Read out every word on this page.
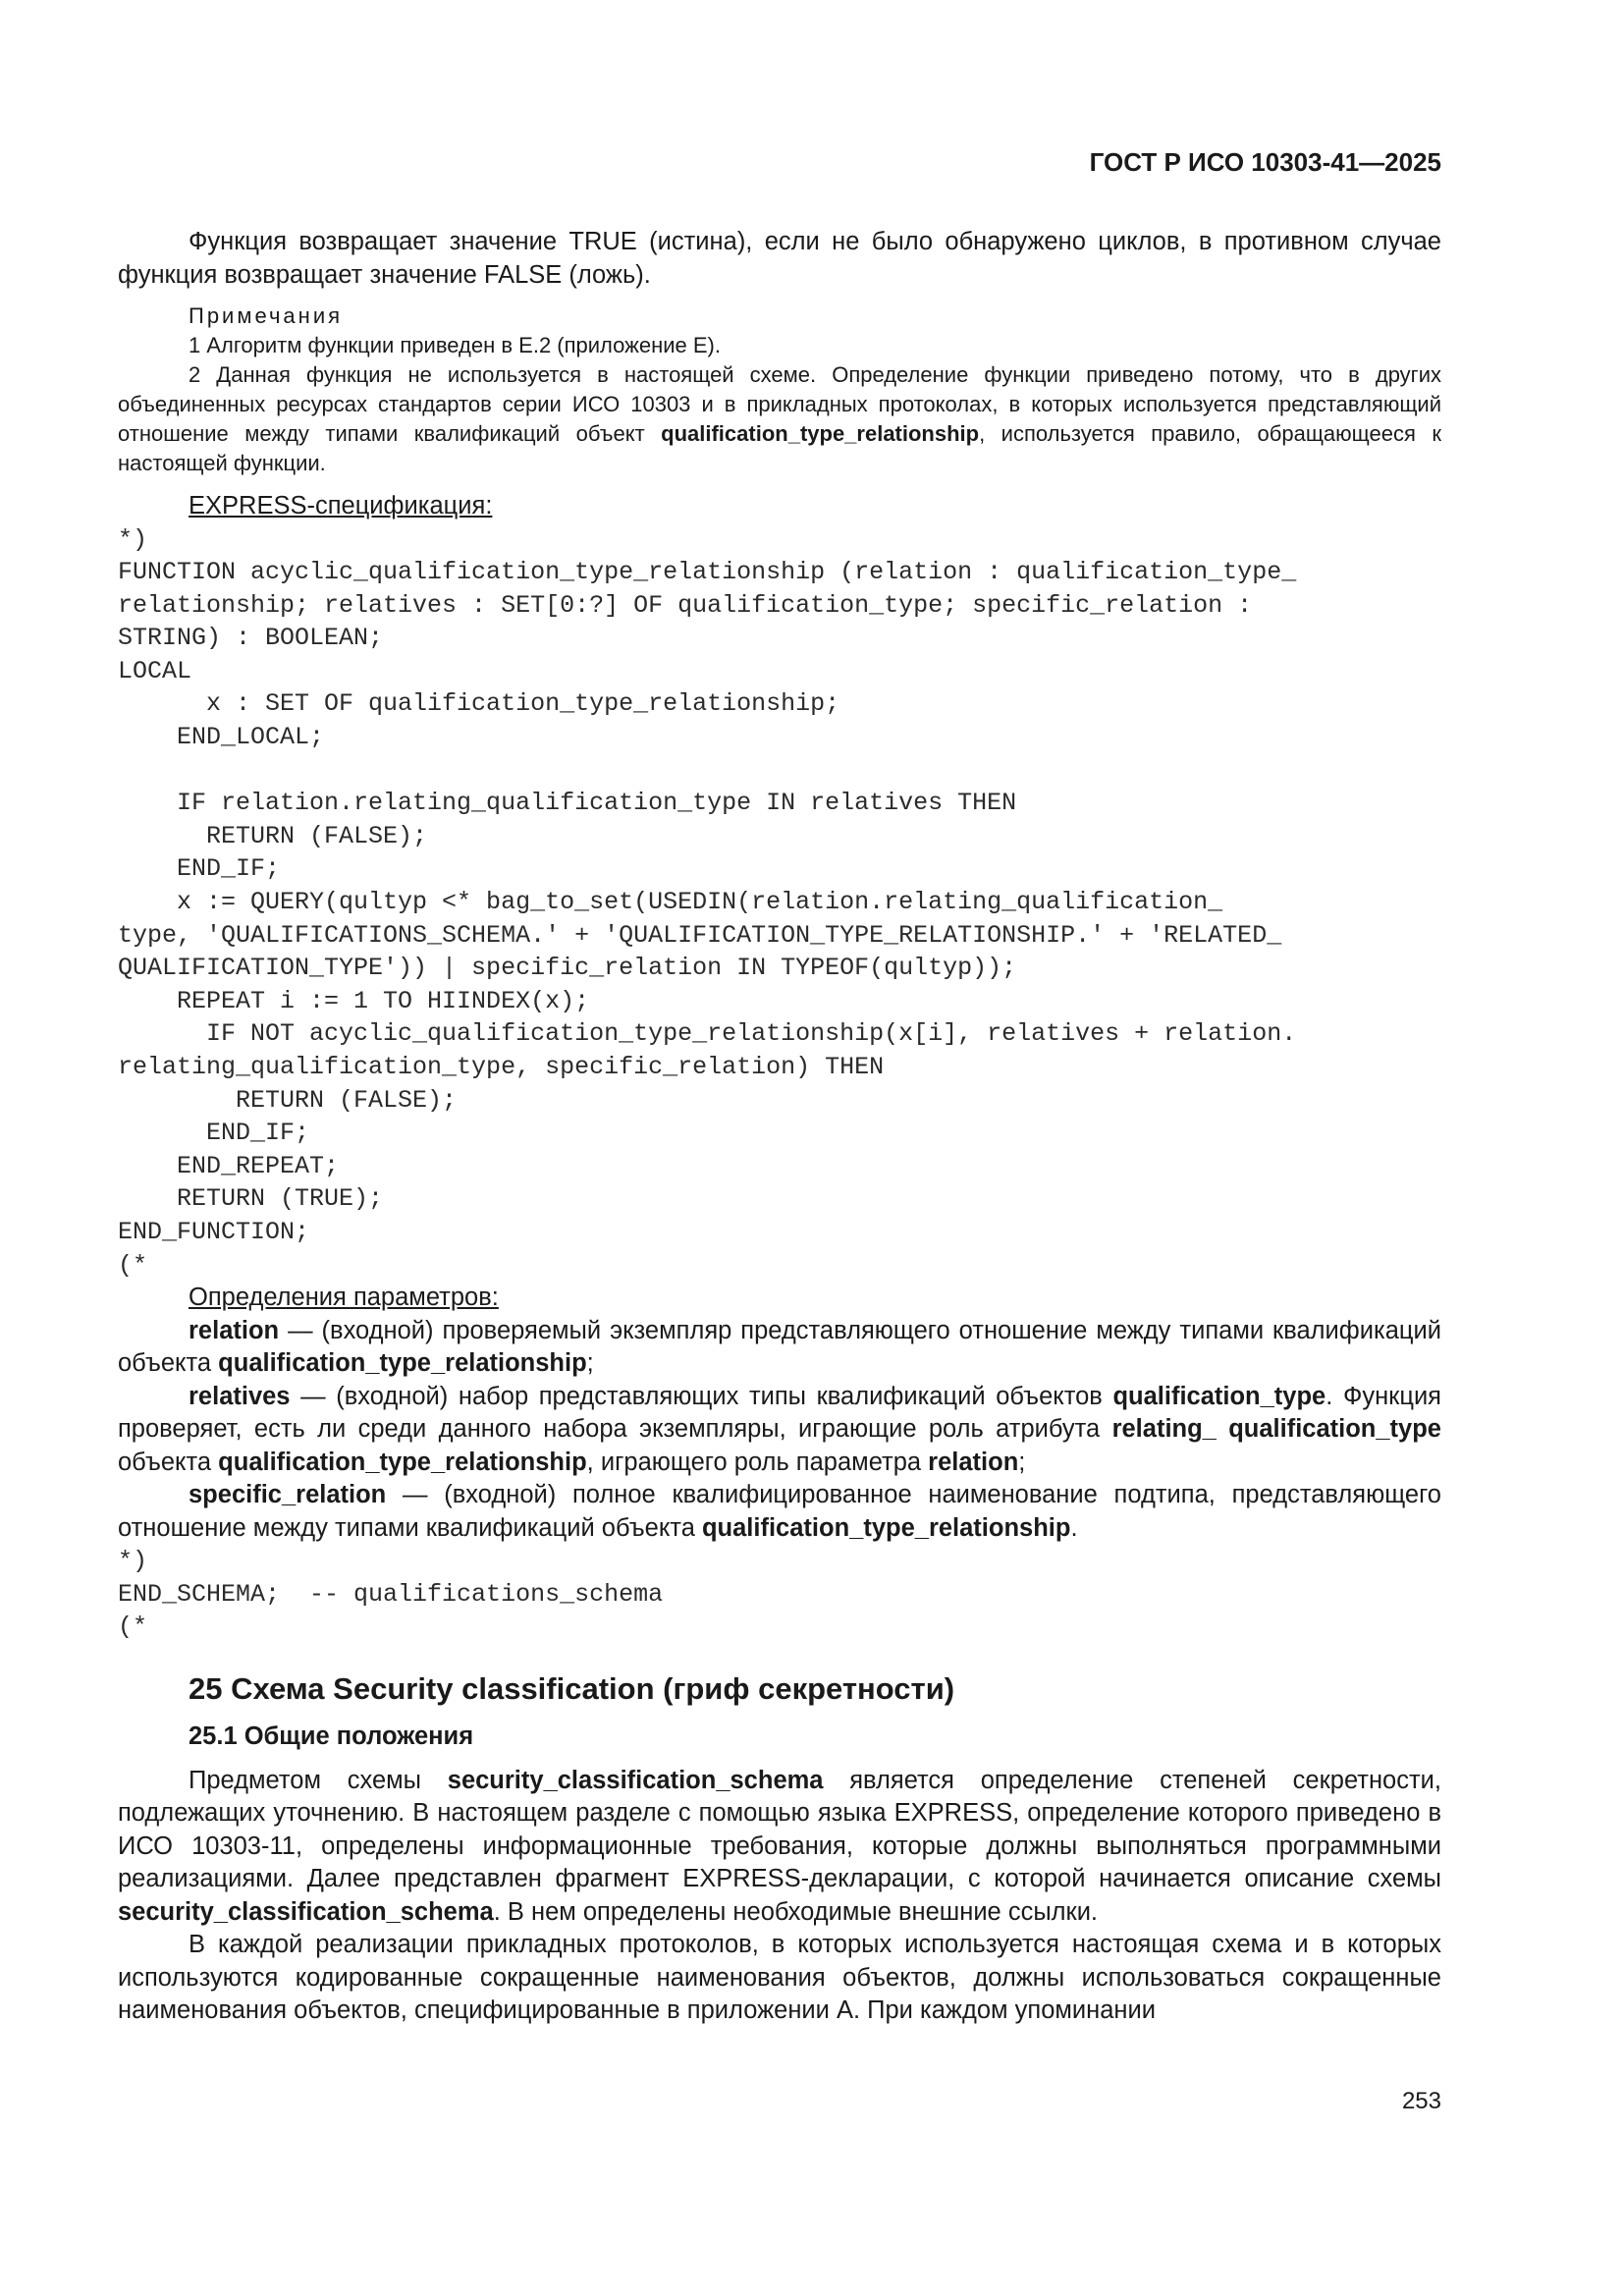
ГОСТ Р ИСО 10303-41—2025

Функция возвращает значение TRUE (истина), если не было обнаружено циклов, в противном случае функция возвращает значение FALSE (ложь).

Примечания

1 Алгоритм функции приведен в E.2 (приложение E).

2 Данная функция не используется в настоящей схеме. Определение функции приведено потому, что в других объединенных ресурсах стандартов серии ИСО 10303 и в прикладных протоколах, в которых используется представляющий отношение между типами квалификаций объект qualification_type_relationship, используется правило, обращающееся к настоящей функции.

EXPRESS-спецификация:

*)
FUNCTION acyclic_qualification_type_relationship (relation : qualification_type_
relationship; relatives : SET[0:?] OF qualification_type; specific_relation :
STRING) : BOOLEAN;
LOCAL
x : SET OF qualification_type_relationship;
END_LOCAL;

IF relation.relating_qualification_type IN relatives THEN
RETURN (FALSE);
END_IF;
x := QUERY(qultyp <* bag_to_set(USEDIN(relation.relating_qualification_
type, 'QUALIFICATIONS_SCHEMA.' + 'QUALIFICATION_TYPE_RELATIONSHIP.' + 'RELATED_
QUALIFICATION_TYPE')) | specific_relation IN TYPEOF(qultyp));
REPEAT i := 1 TO HIINDEX(x);
IF NOT acyclic_qualification_type_relationship(x[i], relatives + relation.
relating_qualification_type, specific_relation) THEN
RETURN (FALSE);
END_IF;
END_REPEAT;
RETURN (TRUE);
END_FUNCTION;
(*

Определения параметров:

relation — (входной) проверяемый экземпляр представляющего отношение между типами квалификаций объекта qualification_type_relationship;

relatives — (входной) набор представляющих типы квалификаций объектов qualification_type. Функция проверяет, есть ли среди данного набора экземпляры, играющие роль атрибута relating_ qualification_type объекта qualification_type_relationship, играющего роль параметра relation;

specific_relation — (входной) полное квалифицированное наименование подтипа, представляющего отношение между типами квалификаций объекта qualification_type_relationship.

*)
END_SCHEMA;  -- qualifications_schema
(*
25 Схема Security classification (гриф секретности)
25.1 Общие положения

Предметом схемы security_classification_schema является определение степеней секретности, подлежащих уточнению. В настоящем разделе с помощью языка EXPRESS, определение которого приведено в ИСО 10303-11, определены информационные требования, которые должны выполняться программными реализациями. Далее представлен фрагмент EXPRESS-декларации, с которой начинается описание схемы security_classification_schema. В нем определены необходимые внешние ссылки.

В каждой реализации прикладных протоколов, в которых используется настоящая схема и в которых используются кодированные сокращенные наименования объектов, должны использоваться сокращенные наименования объектов, специфицированные в приложении A. При каждом упоминании

253
